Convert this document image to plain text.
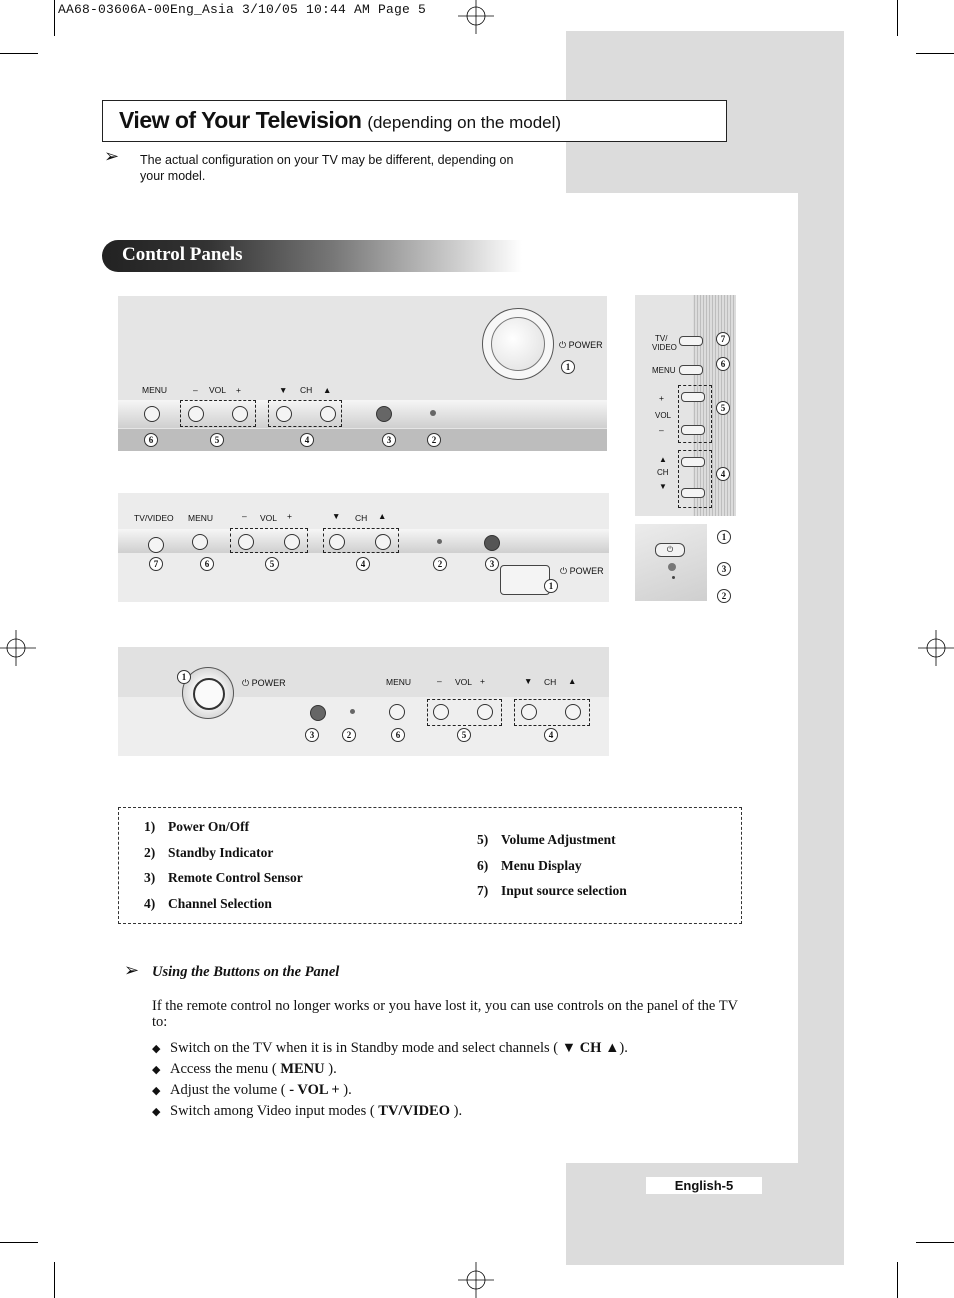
AA68-03606A-00Eng_Asia 3/10/05 10:44 AM Page 5
View of Your Television (depending on the model)
➢ The actual configuration on your TV may be different, depending on your model.
Control Panels
⏻ POWER
1
MENU	– VOL +	▼ CH ▲
6	5	4	3	2
TV/
VIDEO
MENU
+
VOL
–
▲
CH
▼
7
6
5
4
⏻
1
3
2
TV/VIDEO MENU	– VOL +	▼ CH ▲
7	6	5	4	2	3
1
⏻ POWER
1
⏻ POWER	MENU	– VOL +	▼ CH ▲
3	2	6	5	4
1) Power On/Off
2) Standby Indicator
3) Remote Control Sensor
4) Channel Selection
5) Volume Adjustment
6) Menu Display
7) Input source selection
➢ Using the Buttons on the Panel
If the remote control no longer works or you have lost it, you can use controls on the panel of the TV to:
◆ Switch on the TV when it is in Standby mode and select channels ( ▼ CH ▲).
◆ Access the menu ( MENU ).
◆ Adjust the volume ( - VOL + ).
◆ Switch among Video input modes ( TV/VIDEO ).
English-5
